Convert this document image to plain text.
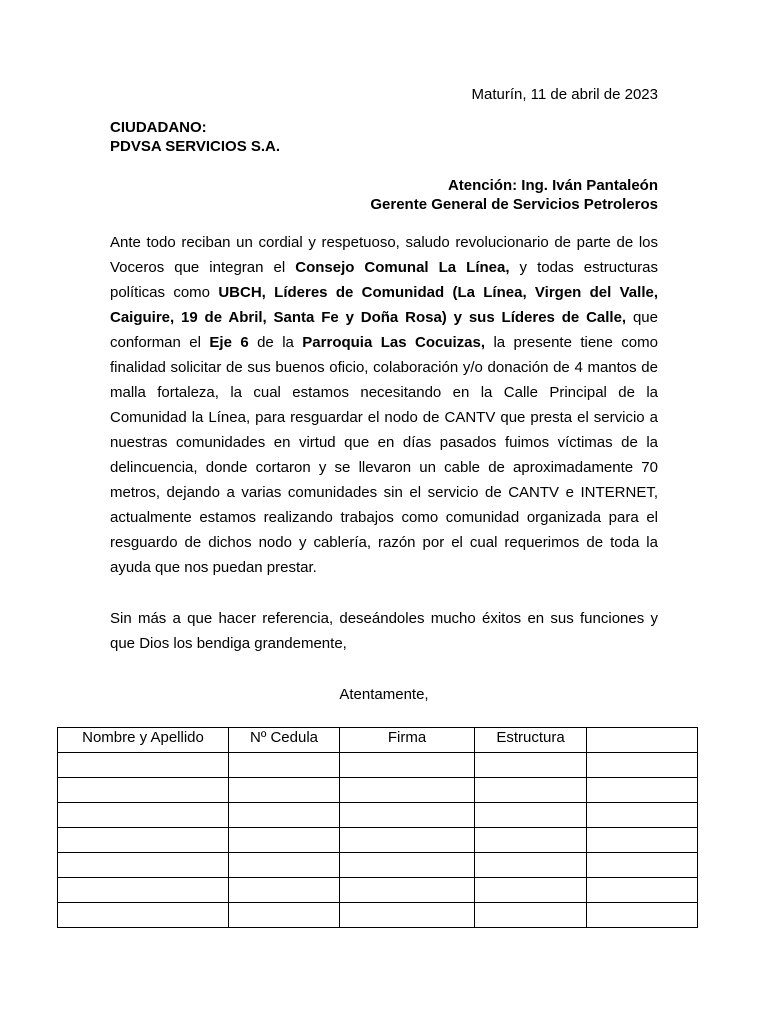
Maturín, 11 de abril de 2023
CIUDADANO:
PDVSA SERVICIOS S.A.
Atención: Ing. Iván Pantaleón
Gerente General de Servicios Petroleros

Ante todo reciban un cordial y respetuoso, saludo revolucionario de parte de los Voceros que integran el Consejo Comunal La Línea, y todas estructuras políticas como UBCH, Líderes de Comunidad (La Línea, Virgen del Valle, Caiguire, 19 de Abril, Santa Fe y Doña Rosa) y sus Líderes de Calle, que conforman el Eje 6 de la Parroquia Las Cocuizas, la presente tiene como finalidad solicitar de sus buenos oficio, colaboración y/o donación de 4 mantos de malla fortaleza, la cual estamos necesitando en la Calle Principal de la Comunidad la Línea, para resguardar el nodo de CANTV que presta el servicio a nuestras comunidades en virtud que en días pasados fuimos víctimas de la delincuencia, donde cortaron y se llevaron un cable de aproximadamente 70 metros, dejando a varias comunidades sin el servicio de CANTV e INTERNET, actualmente estamos realizando trabajos como comunidad organizada para el resguardo de dichos nodo y cablería, razón por el cual requerimos de toda la ayuda que nos puedan prestar.

Sin más a que hacer referencia, deseándoles mucho éxitos en sus funciones y que Dios los bendiga grandemente,

Atentamente,
Nombre y Apellido	Nº Cedula	Firma	Estructura	
